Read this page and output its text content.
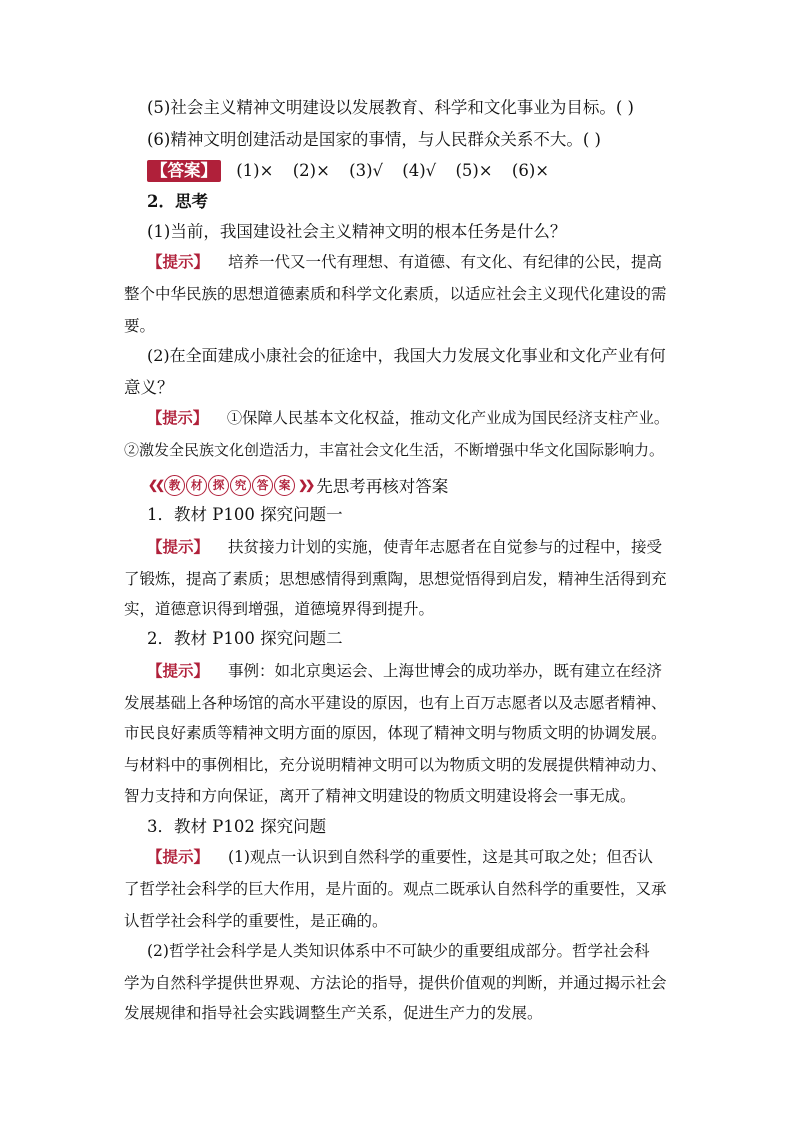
(5)社会主义精神文明建设以发展教育、科学和文化事业为目标。( )
(6)精神文明创建活动是国家的事情，与人民群众关系不大。( )
【答案】 (1)× (2)× (3)√ (4)√ (5)× (6)×
2．思考
(1)当前，我国建设社会主义精神文明的根本任务是什么？
【提示】 培养一代又一代有理想、有道德、有文化、有纪律的公民，提高
整个中华民族的思想道德素质和科学文化素质，以适应社会主义现代化建设的需
要。
(2)在全面建成小康社会的征途中，我国大力发展文化事业和文化产业有何
意义？
【提示】 ①保障人民基本文化权益，推动文化产业成为国民经济支柱产业。
②激发全民族文化创造活力，丰富社会文化生活，不断增强中华文化国际影响力。
❮❮ 教 材 探 究 答 案 ❯❯ 先思考再核对答案
1．教材 P100 探究问题一
【提示】 扶贫接力计划的实施，使青年志愿者在自觉参与的过程中，接受
了锻炼，提高了素质；思想感情得到熏陶，思想觉悟得到启发，精神生活得到充
实，道德意识得到增强，道德境界得到提升。
2．教材 P100 探究问题二
【提示】 事例：如北京奥运会、上海世博会的成功举办，既有建立在经济
发展基础上各种场馆的高水平建设的原因，也有上百万志愿者以及志愿者精神、
市民良好素质等精神文明方面的原因，体现了精神文明与物质文明的协调发展。
与材料中的事例相比，充分说明精神文明可以为物质文明的发展提供精神动力、
智力支持和方向保证，离开了精神文明建设的物质文明建设将会一事无成。
3．教材 P102 探究问题
【提示】 (1)观点一认识到自然科学的重要性，这是其可取之处；但否认
了哲学社会科学的巨大作用，是片面的。观点二既承认自然科学的重要性，又承
认哲学社会科学的重要性，是正确的。
(2)哲学社会科学是人类知识体系中不可缺少的重要组成部分。哲学社会科
学为自然科学提供世界观、方法论的指导，提供价值观的判断，并通过揭示社会
发展规律和指导社会实践调整生产关系，促进生产力的发展。
